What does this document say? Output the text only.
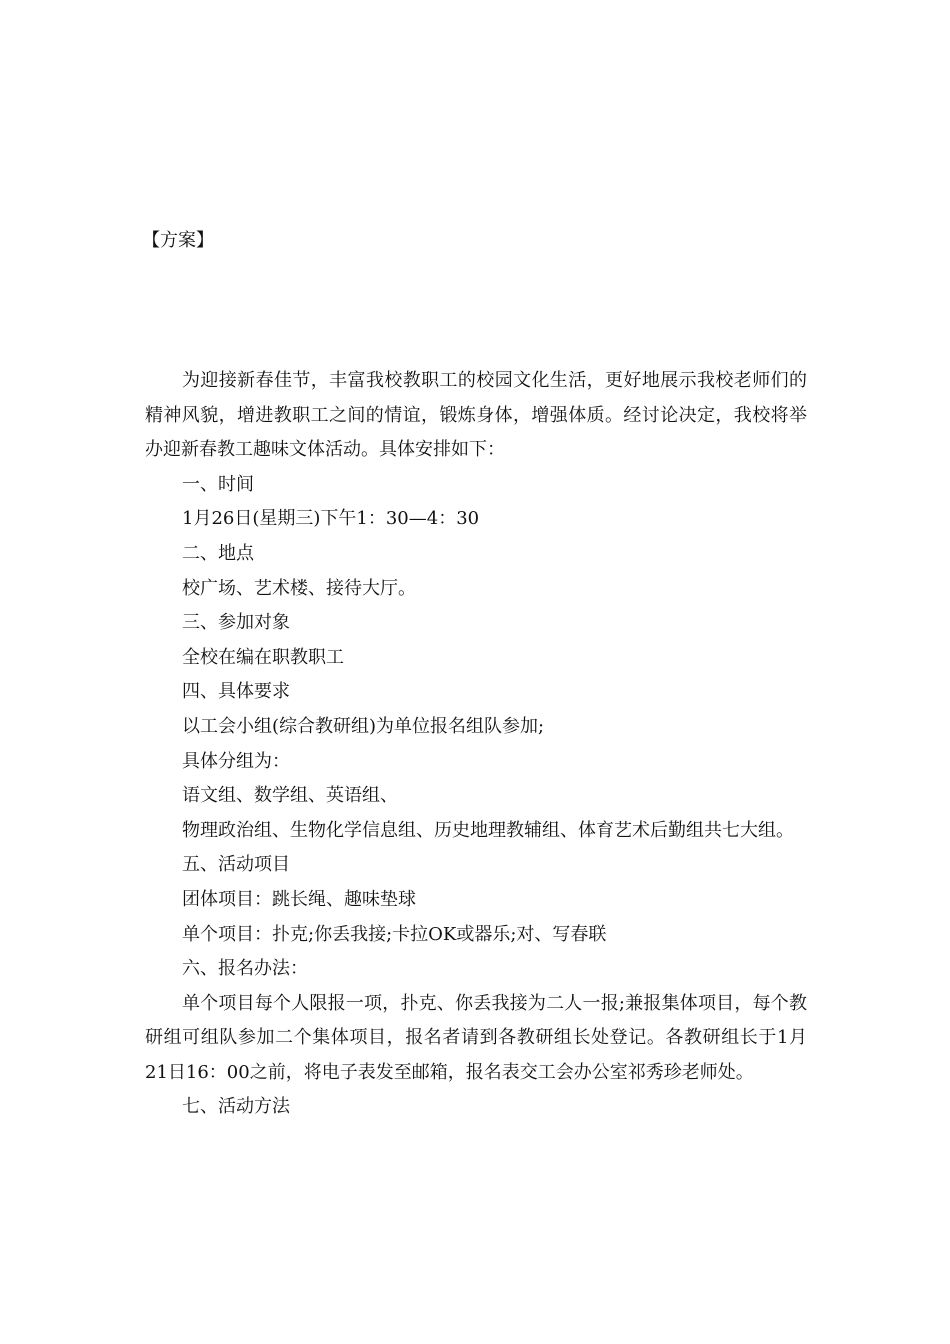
【方案】

为迎接新春佳节，丰富我校教职工的校园文化生活，更好地展示我校老师们的精神风貌，增进教职工之间的情谊，锻炼身体，增强体质。经讨论决定，我校将举办迎新春教工趣味文体活动。具体安排如下：

一、时间

1月26日(星期三)下午1：30—4：30

二、地点

校广场、艺术楼、接待大厅。

三、参加对象

全校在编在职教职工

四、具体要求

以工会小组(综合教研组)为单位报名组队参加;

具体分组为：

语文组、数学组、英语组、

物理政治组、生物化学信息组、历史地理教辅组、体育艺术后勤组共七大组。

五、活动项目

团体项目：跳长绳、趣味垫球

单个项目：扑克;你丢我接;卡拉OK或器乐;对、写春联

六、报名办法：

单个项目每个人限报一项，扑克、你丢我接为二人一报;兼报集体项目，每个教研组可组队参加二个集体项目，报名者请到各教研组长处登记。各教研组长于1月21日16：00之前，将电子表发至邮箱，报名表交工会办公室祁秀珍老师处。

七、活动方法
